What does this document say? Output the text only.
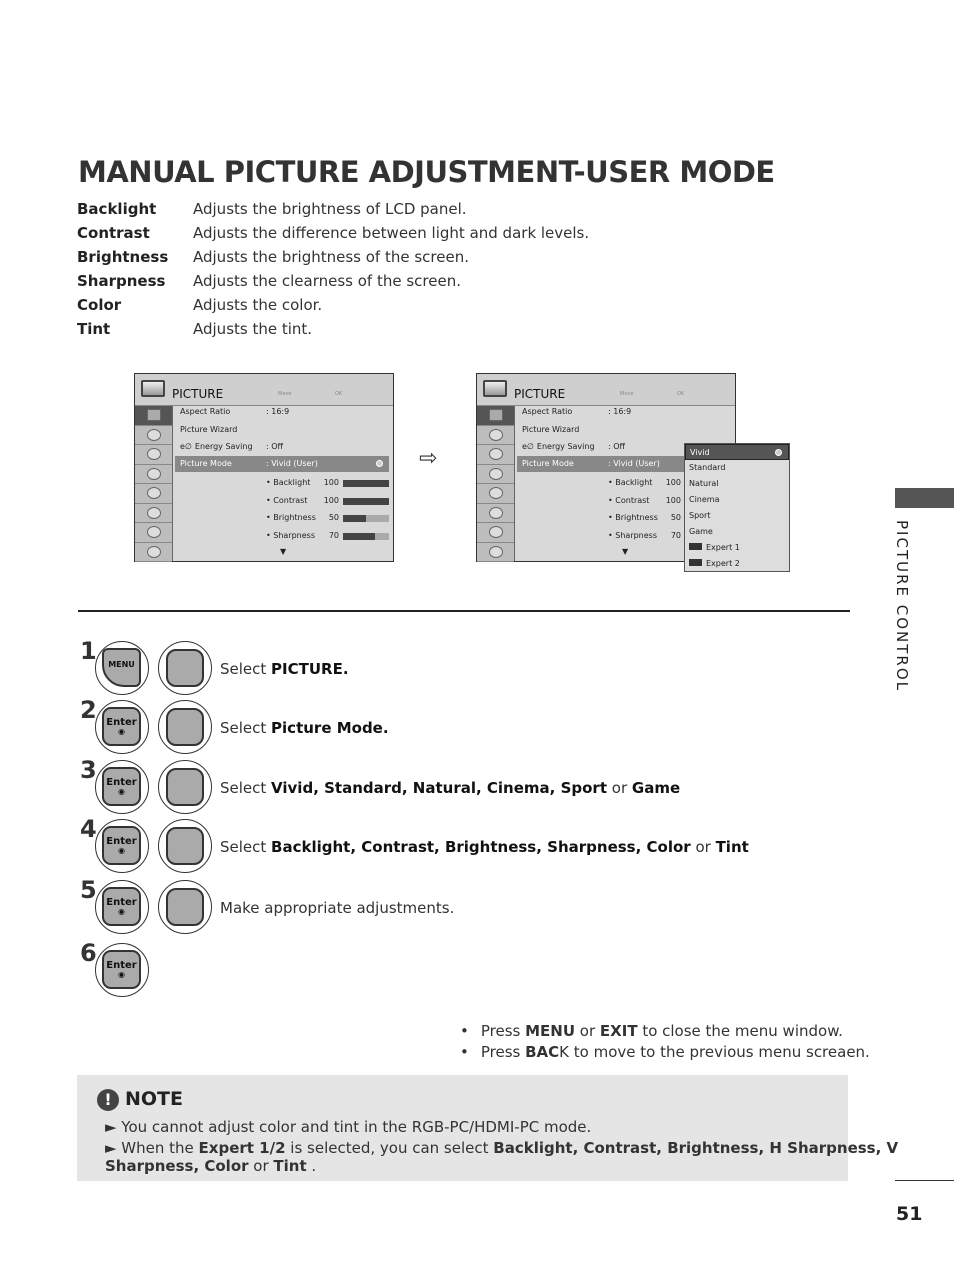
MANUAL PICTURE ADJUSTMENT-USER MODE
Backlight Adjusts the brightness of LCD panel.
Contrast	Adjusts the difference between light and dark levels.
Brightness Adjusts the brightness of the screen.
Sharpness Adjusts the clearness of the screen.
Color	Adjusts the color.
Tint	Adjusts the tint.
PICTURE	Move	OK
Aspect Ratio	: 16:9
Picture Wizard
e∅ Energy Saving : Off
Picture Mode	: Vivid (User)
• Backlight 100
• Contrast 100
• Brightness	50
• Sharpness	70
▼
⇨
PICTURE	Move	OK
Aspect Ratio	: 16:9
Picture Wizard
e∅ Energy Saving : Off
Picture Mode	: Vivid (User)
• Backlight 100
• Contrast 100
• Brightness	50
• Sharpness	70
▼
Vivid
Standard
Natural
Cinema
Sport
Game
Expert 1
Expert 2
1	MENU	Select PICTURE.
2 Enter
◉	Select Picture Mode.
3 Enter
◉	Select Vivid, Standard, Natural, Cinema, Sport or Game
4 Enter
◉	Select Backlight, Contrast, Brightness, Sharpness, Color or Tint
5 Enter
◉	Make appropriate adjustments.
6 Enter
◉
• Press MENU or EXIT to close the menu window.
• Press BACK to move to the previous menu screaen.
! NOTE

► You cannot adjust color and tint in the RGB-PC/HDMI-PC mode.

► When the Expert 1/2 is selected, you can select Backlight, Contrast, Brightness, H Sharpness, V

Sharpness, Color or Tint .

PICTURE CONTROL
51
